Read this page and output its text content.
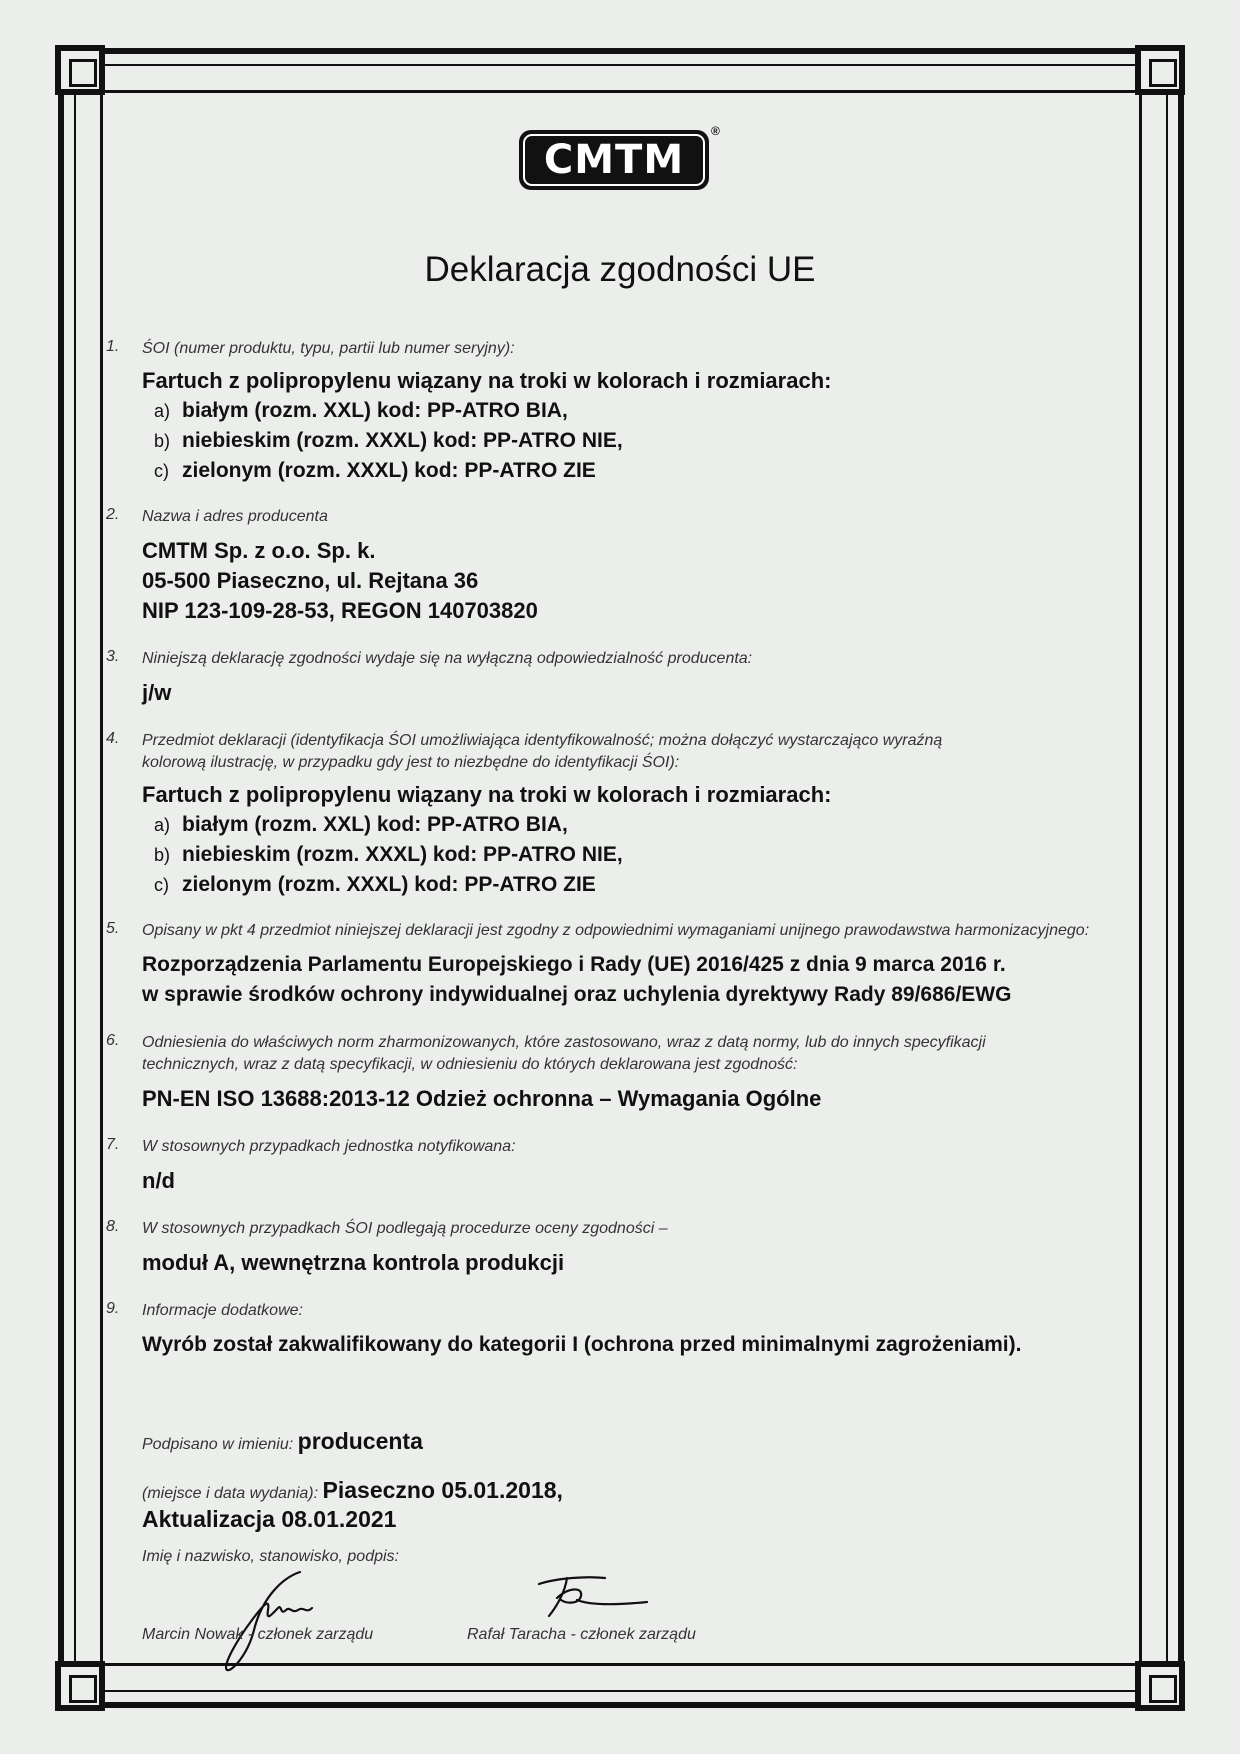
CMTM
®
Deklaracja zgodności UE
1. ŚOI (numer produktu, typu, partii lub numer seryjny):
Fartuch z polipropylenu wiązany na troki w kolorach i rozmiarach:
a) białym (rozm. XXL) kod: PP-ATRO BIA,
b) niebieskim (rozm. XXXL) kod: PP-ATRO NIE,
c) zielonym (rozm. XXXL) kod: PP-ATRO ZIE
2. Nazwa i adres producenta
CMTM Sp. z o.o. Sp. k.
05-500 Piaseczno, ul. Rejtana 36
NIP 123-109-28-53, REGON 140703820
3. Niniejszą deklarację zgodności wydaje się na wyłączną odpowiedzialność producenta:
j/w
4. Przedmiot deklaracji (identyfikacja ŚOI umożliwiająca identyfikowalność; można dołączyć wystarczająco wyraźną kolorową ilustrację, w przypadku gdy jest to niezbędne do identyfikacji ŚOI):
Fartuch z polipropylenu wiązany na troki w kolorach i rozmiarach:
a) białym (rozm. XXL) kod: PP-ATRO BIA,
b) niebieskim (rozm. XXXL) kod: PP-ATRO NIE,
c) zielonym (rozm. XXXL) kod: PP-ATRO ZIE
5. Opisany w pkt 4 przedmiot niniejszej deklaracji jest zgodny z odpowiednimi wymaganiami unijnego prawodawstwa harmonizacyjnego:
Rozporządzenia Parlamentu Europejskiego i Rady (UE) 2016/425 z dnia 9 marca 2016 r.
w sprawie środków ochrony indywidualnej oraz uchylenia dyrektywy Rady 89/686/EWG
6. Odniesienia do właściwych norm zharmonizowanych, które zastosowano, wraz z datą normy, lub do innych specyfikacji technicznych, wraz z datą specyfikacji, w odniesieniu do których deklarowana jest zgodność:
PN-EN ISO 13688:2013-12 Odzież ochronna – Wymagania Ogólne
7. W stosownych przypadkach jednostka notyfikowana:
n/d
8. W stosownych przypadkach ŚOI podlegają procedurze oceny zgodności –
moduł A, wewnętrzna kontrola produkcji
9. Informacje dodatkowe:
Wyrób został zakwalifikowany do kategorii I (ochrona przed minimalnymi zagrożeniami).
Podpisano w imieniu: producenta
(miejsce i data wydania): Piaseczno 05.01.2018,
Aktualizacja 08.01.2021
Imię i nazwisko, stanowisko, podpis:
Marcin Nowak - członek zarządu	Rafał Taracha - członek zarządu
